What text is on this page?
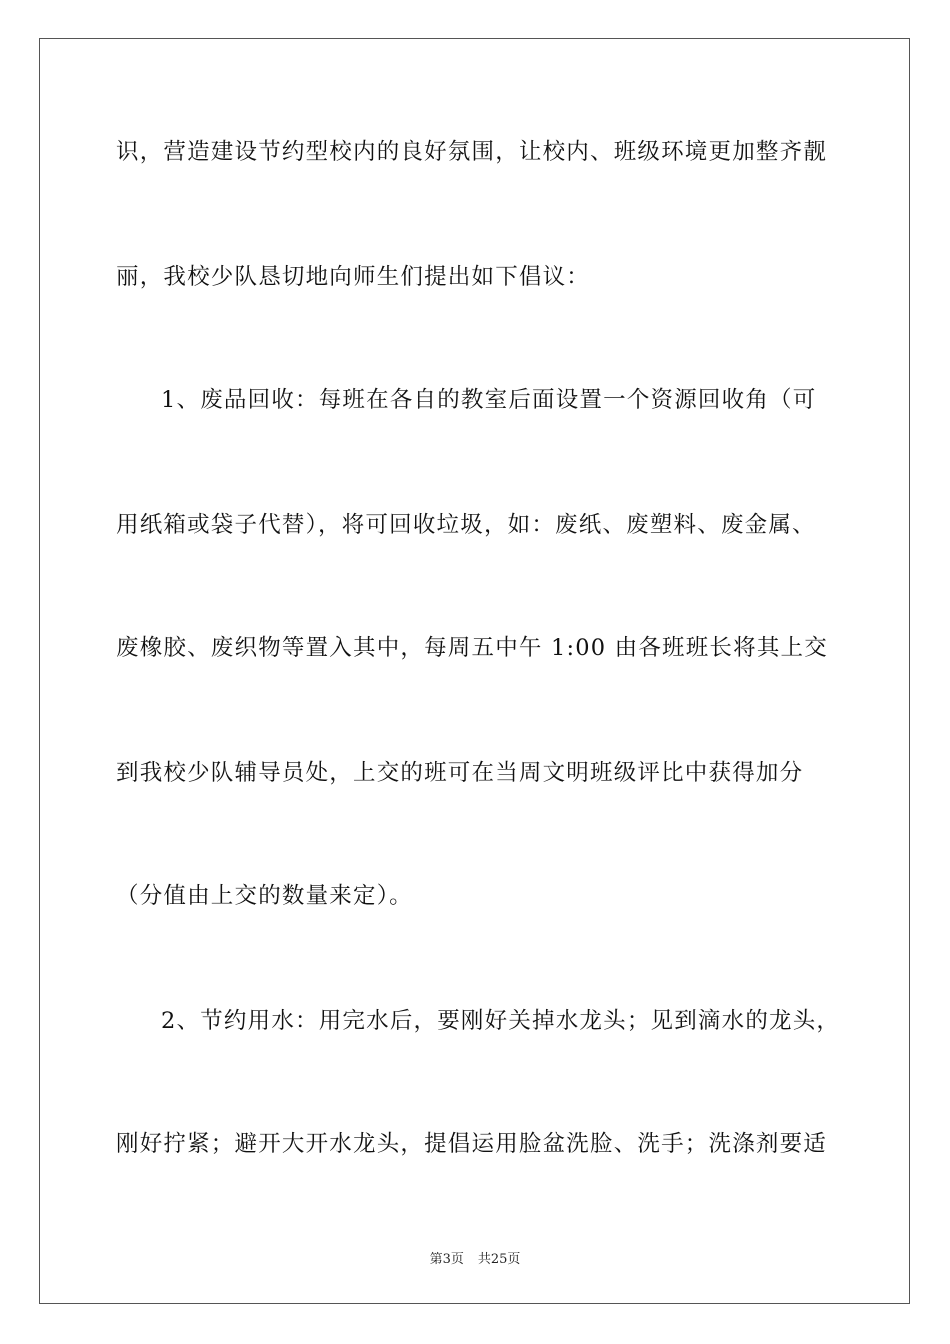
识，营造建设节约型校内的良好氛围，让校内、班级环境更加整齐靓
丽，我校少队恳切地向师生们提出如下倡议：
1、废品回收：每班在各自的教室后面设置一个资源回收角（可
用纸箱或袋子代替），将可回收垃圾，如：废纸、废塑料、废金属、
废橡胶、废织物等置入其中，每周五中午 1:00 由各班班长将其上交
到我校少队辅导员处，上交的班可在当周文明班级评比中获得加分
（分值由上交的数量来定）。
2、节约用水：用完水后，要刚好关掉水龙头；见到滴水的龙头，
刚好拧紧；避开大开水龙头，提倡运用脸盆洗脸、洗手；洗涤剂要适
第3页 共25页
